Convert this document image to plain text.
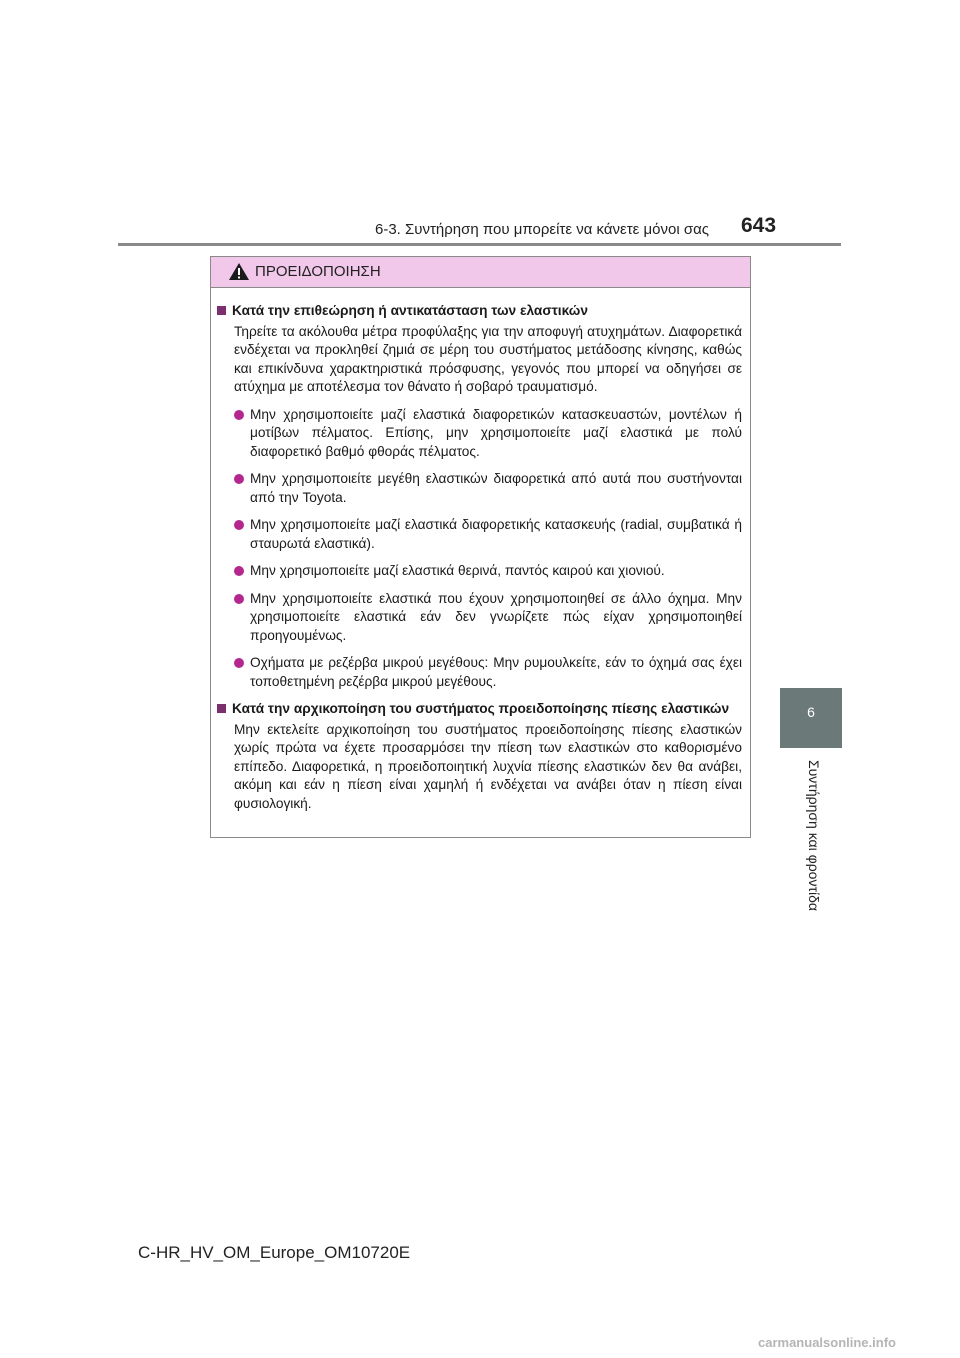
6-3. Συντήρηση που μπορείτε να κάνετε μόνοι σας 643
6
Συντήρηση και φροντίδα
ΠΡΟΕΙΔΟΠΟΙΗΣΗ
Κατά την επιθεώρηση ή αντικατάσταση των ελαστικών
Τηρείτε τα ακόλουθα μέτρα προφύλαξης για την αποφυγή ατυχημάτων. Διαφορετικά ενδέχεται να προκληθεί ζημιά σε μέρη του συστήματος μετάδοσης κίνησης, καθώς και επικίνδυνα χαρακτηριστικά πρόσφυσης, γεγονός που μπορεί να οδηγήσει σε ατύχημα με αποτέλεσμα τον θάνατο ή σοβαρό τραυματισμό.
Μην χρησιμοποιείτε μαζί ελαστικά διαφορετικών κατασκευαστών, μοντέλων ή μοτίβων πέλματος. Επίσης, μην χρησιμοποιείτε μαζί ελαστικά με πολύ διαφορετικό βαθμό φθοράς πέλματος.
Μην χρησιμοποιείτε μεγέθη ελαστικών διαφορετικά από αυτά που συστήνονται από την Toyota.
Μην χρησιμοποιείτε μαζί ελαστικά διαφορετικής κατασκευής (radial, συμβατικά ή σταυρωτά ελαστικά).
Μην χρησιμοποιείτε μαζί ελαστικά θερινά, παντός καιρού και χιονιού.
Μην χρησιμοποιείτε ελαστικά που έχουν χρησιμοποιηθεί σε άλλο όχημα. Μην χρησιμοποιείτε ελαστικά εάν δεν γνωρίζετε πώς είχαν χρησιμοποιηθεί προηγουμένως.
Οχήματα με ρεζέρβα μικρού μεγέθους: Μην ρυμουλκείτε, εάν το όχημά σας έχει τοποθετημένη ρεζέρβα μικρού μεγέθους.
Κατά την αρχικοποίηση του συστήματος προειδοποίησης πίεσης ελαστικών
Μην εκτελείτε αρχικοποίηση του συστήματος προειδοποίησης πίεσης ελαστικών χωρίς πρώτα να έχετε προσαρμόσει την πίεση των ελαστικών στο καθορισμένο επίπεδο. Διαφορετικά, η προειδοποιητική λυχνία πίεσης ελαστικών δεν θα ανάβει, ακόμη και εάν η πίεση είναι χαμηλή ή ενδέχεται να ανάβει όταν η πίεση είναι φυσιολογική.
C-HR_HV_OM_Europe_OM10720E
carmanualsonline.info
